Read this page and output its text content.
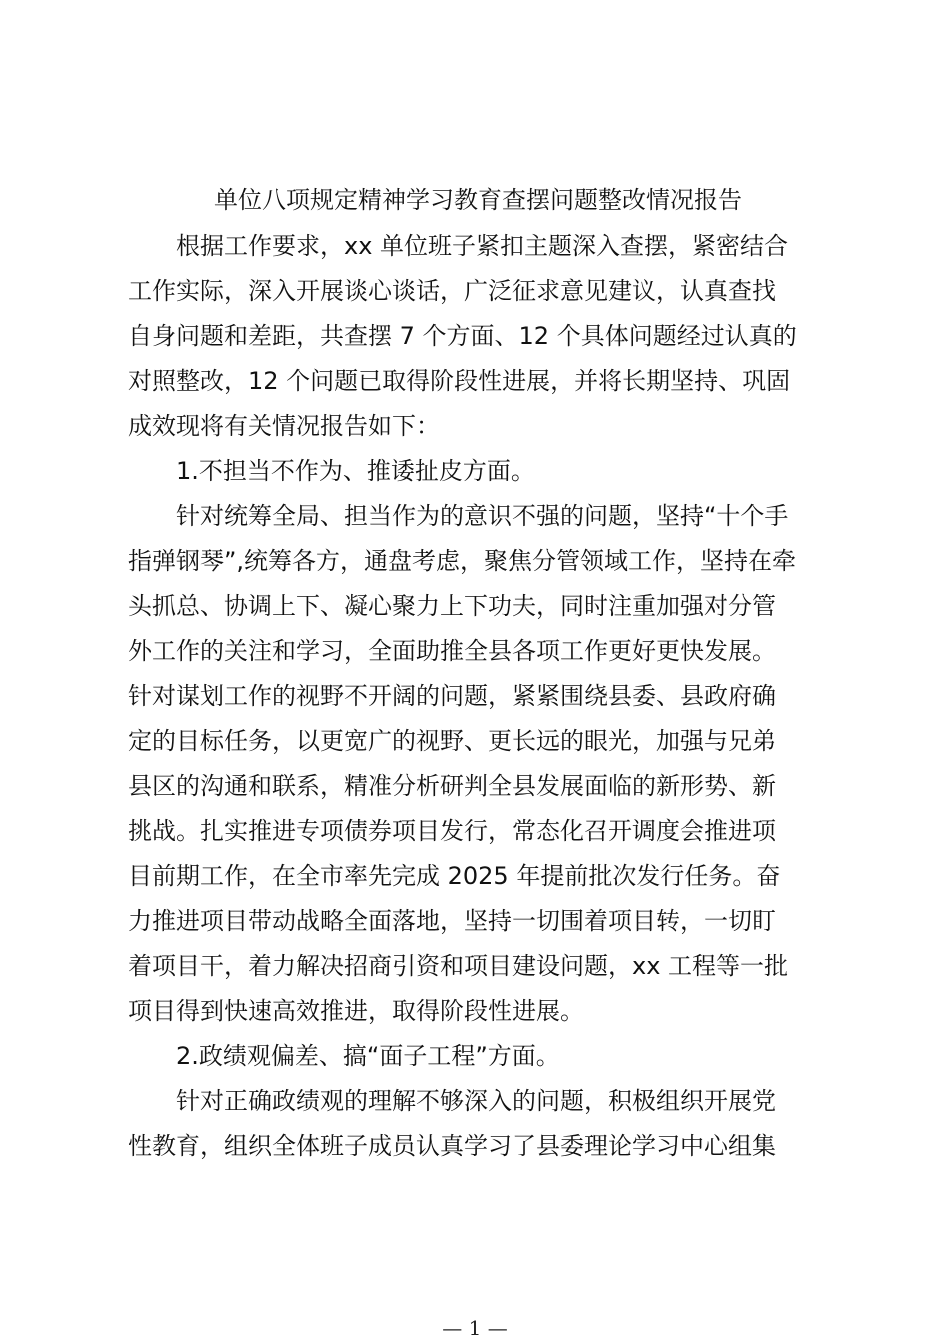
单位八项规定精神学习教育查摆问题整改情况报告
根据工作要求，xx 单位班子紧扣主题深入查摆，紧密结合
工作实际，深入开展谈心谈话，广泛征求意见建议，认真查找
自身问题和差距，共查摆 7 个方面、12 个具体问题经过认真的
对照整改，12 个问题已取得阶段性进展，并将长期坚持、巩固
成效现将有关情况报告如下：
1.不担当不作为、推诿扯皮方面。
针对统筹全局、担当作为的意识不强的问题，坚持“十个手
指弹钢琴”,统筹各方，通盘考虑，聚焦分管领域工作，坚持在牵
头抓总、协调上下、凝心聚力上下功夫，同时注重加强对分管
外工作的关注和学习，全面助推全县各项工作更好更快发展。
针对谋划工作的视野不开阔的问题，紧紧围绕县委、县政府确
定的目标任务，以更宽广的视野、更长远的眼光，加强与兄弟
县区的沟通和联系，精准分析研判全县发展面临的新形势、新
挑战。扎实推进专项债券项目发行，常态化召开调度会推进项
目前期工作，在全市率先完成 2025 年提前批次发行任务。奋
力推进项目带动战略全面落地，坚持一切围着项目转，一切盯
着项目干，着力解决招商引资和项目建设问题，xx 工程等一批
项目得到快速高效推进，取得阶段性进展。
2.政绩观偏差、搞“面子工程”方面。
针对正确政绩观的理解不够深入的问题，积极组织开展党
性教育，组织全体班子成员认真学习了县委理论学习中心组集
— 1 —
